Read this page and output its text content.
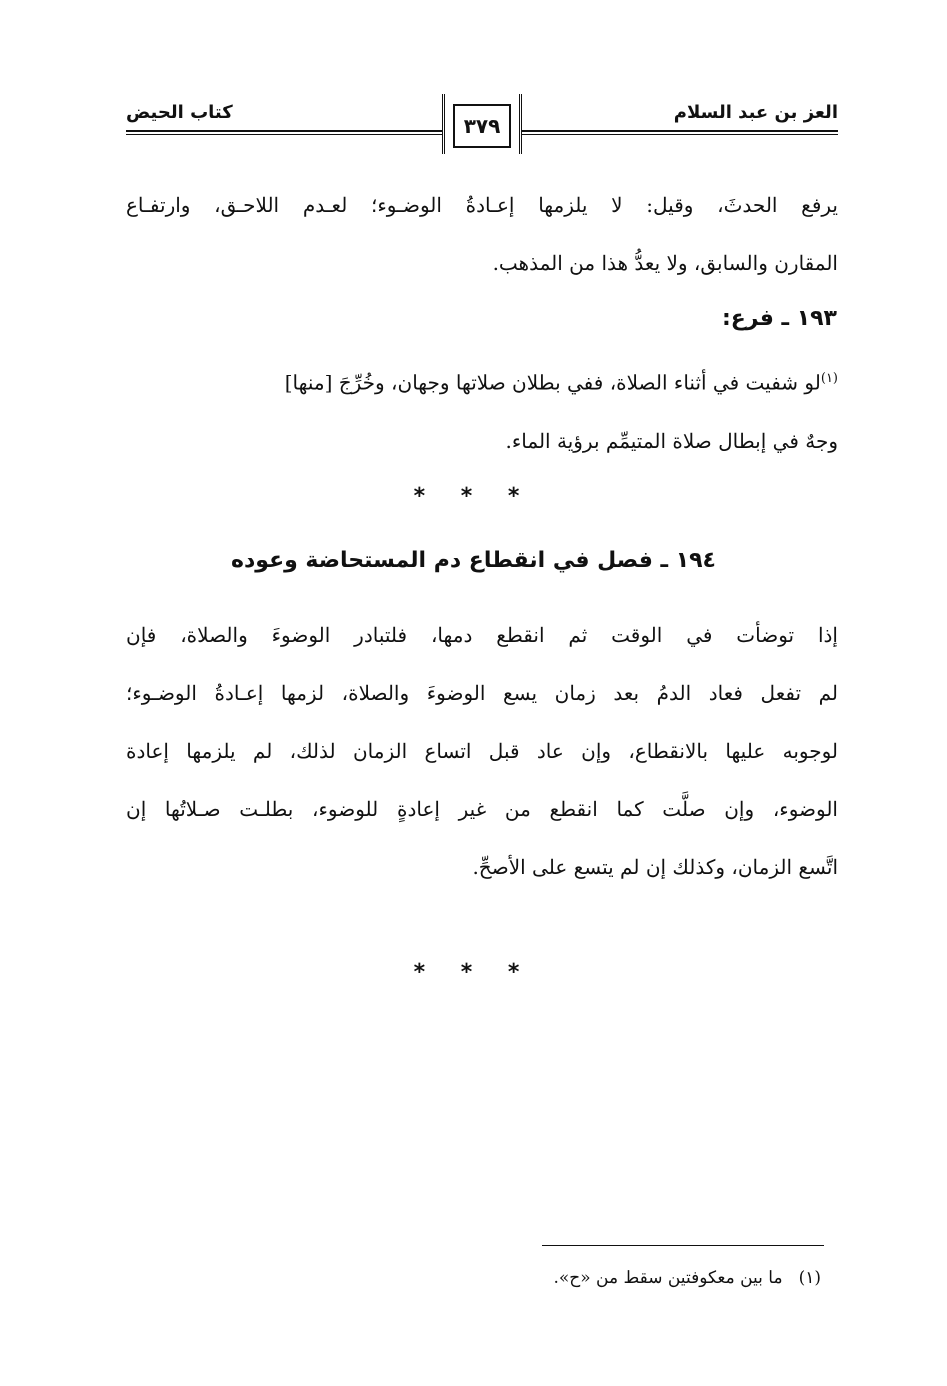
العز بن عبد السلام
كتاب الحيض
٣٧٩
يرفع الحدثَ، وقيل: لا يلزمها إعـادةُ الوضـوء؛ لعـدم اللاحـق، وارتفـاع
المقارن والسابق، ولا يعدُّ هذا من المذهب.
١٩٣ ـ فرع:
$^{(١)}$لو شفيت في أثناء الصلاة، ففي بطلان صلاتها وجهان، وخُرِّجَ [منها]
وجهٌ في إبطال صلاة المتيمِّم برؤية الماء.
* * *
١٩٤ ـ فصل في انقطاع دم المستحاضة وعوده
إذا توضأت في الوقت ثم انقطع دمها، فلتبادر الوضوءَ والصلاة، فإن
لم تفعل فعاد الدمُ بعد زمان يسع الوضوءَ والصلاة، لزمها إعـادةُ الوضـوء؛
لوجوبه عليها بالانقطاع، وإن عاد قبل اتساع الزمان لذلك، لم يلزمها إعادة
الوضوء، وإن صلَّت كما انقطع من غير إعادةٍ للوضوء، بطلـت صـلاتُها إن
اتَّسع الزمان، وكذلك إن لم يتسع على الأصحِّ.
* * *
(١)ما بين معكوفتين سقط من «ح».
